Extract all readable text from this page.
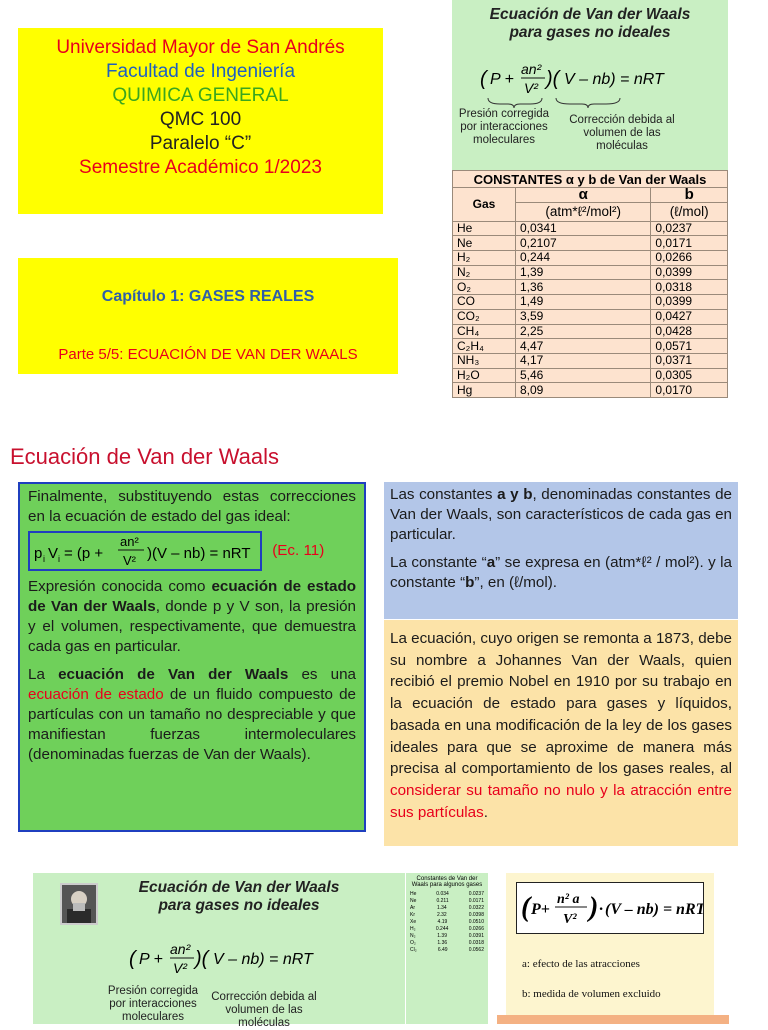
Universidad Mayor de San Andrés
Facultad de Ingeniería
QUIMICA GENERAL
QMC 100
Paralelo “C”
Semestre Académico 1/2023
Capítulo 1: GASES REALES
Parte 5/5: ECUACIÓN DE VAN DER WAALS
Ecuación de Van der Waals
para gases no ideales
( P +
an²
V² )( V – nb) = nRT
Presión corregida por interacciones moleculares
Corrección debida al volumen de las moléculas
CONSTANTES α y b de Van der Waals		
Gas	α	b
	(atm*ℓ²/mol²)	(ℓ/mol)
He	0,0341	0,0237
Ne	0,2107	0,0171
H₂	0,244	0,0266
N₂	1,39	0,0399
O₂	1,36	0,0318
CO	1,49	0,0399
CO₂	3,59	0,0427
CH₄	2,25	0,0428
C₂H₄	4,47	0,0571
NH₃	4,17	0,0371
H₂O	5,46	0,0305
Hg	8,09	0,0170
Ecuación de Van der Waals

Finalmente, substituyendo estas correcciones en la ecuación de estado del gas ideal:

p i V i = (p +
an²
V² )(V – nb) = nRT (Ec. 11)

Expresión conocida como ecuación de estado de Van der Waals, donde p y V son, la presión y el volumen, respectivamente, que demuestra cada gas en particular.

La ecuación de Van der Waals es una ecuación de estado de un fluido compuesto de partículas con un tamaño no despreciable y que manifiestan fuerzas intermoleculares (denominadas fuerzas de Van der Waals).

Las constantes a y b, denominadas constantes de Van der Waals, son característicos de cada gas en particular.

La constante “a” se expresa en (atm*ℓ² / mol²). y la constante “b”, en (ℓ/mol).

La ecuación, cuyo origen se remonta a 1873, debe su nombre a Johannes Van der Waals, quien recibió el premio Nobel en 1910 por su trabajo en la ecuación de estado para gases y líquidos, basada en una modificación de la ley de los gases ideales para que se aproxime de manera más precisa al comportamiento de los gases reales, al considerar su tamaño no nulo y la atracción entre sus partículas.
Ecuación de Van der Waals
para gases no ideales
( P +
an²
V² )( V – nb) = nRT
Presión corregida por interacciones moleculares
Corrección debida al volumen de las moléculas
Constantes de Van der Waals para algunos gases
He	0.034	0.0237
Ne	0.211	0.0171
Ar	1.34	0.0322
Kr	2.32	0.0398
Xe	4.19	0.0510
H₂	0.244	0.0266
N₂	1.39	0.0391
O₂	1.36	0.0318
Cl₂	6.49	0.0562
( P+
n² a
V² ) · (V – nb) = nRT
a: efecto de las atracciones
b: medida de volumen excluido
